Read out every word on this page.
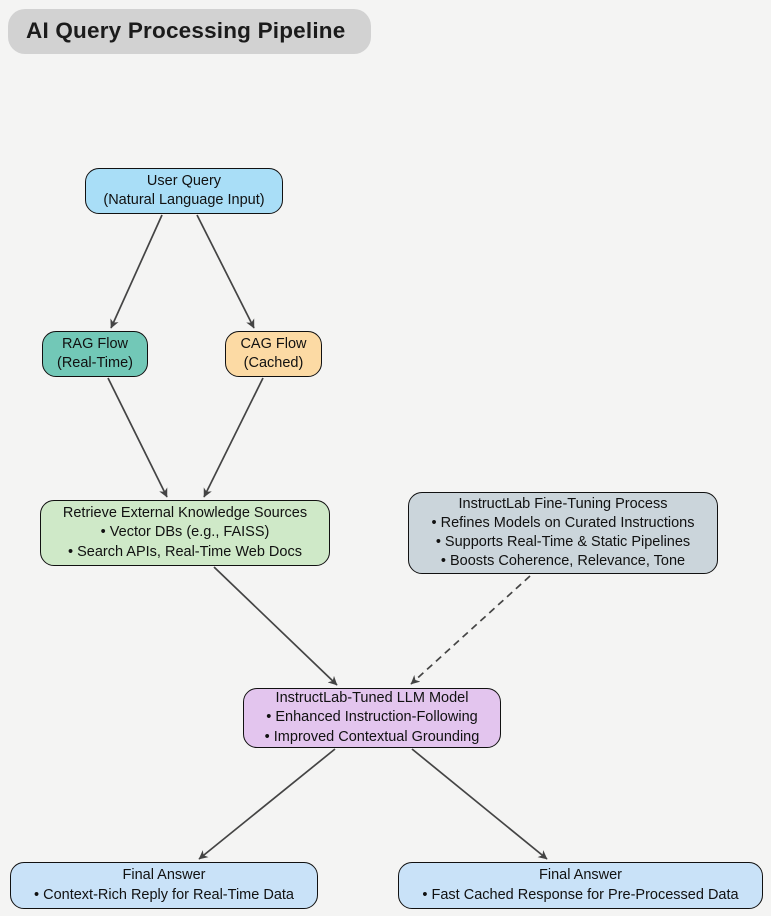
AI Query Processing Pipeline
User Query
(Natural Language Input)
RAG Flow
(Real-Time)
CAG Flow
(Cached)
Retrieve External Knowledge Sources
• Vector DBs (e.g., FAISS)
• Search APIs, Real-Time Web Docs
InstructLab Fine-Tuning Process
• Refines Models on Curated Instructions
• Supports Real-Time & Static Pipelines
• Boosts Coherence, Relevance, Tone
InstructLab-Tuned LLM Model
• Enhanced Instruction-Following
• Improved Contextual Grounding
Final Answer
• Context-Rich Reply for Real-Time Data
Final Answer
• Fast Cached Response for Pre-Processed Data
